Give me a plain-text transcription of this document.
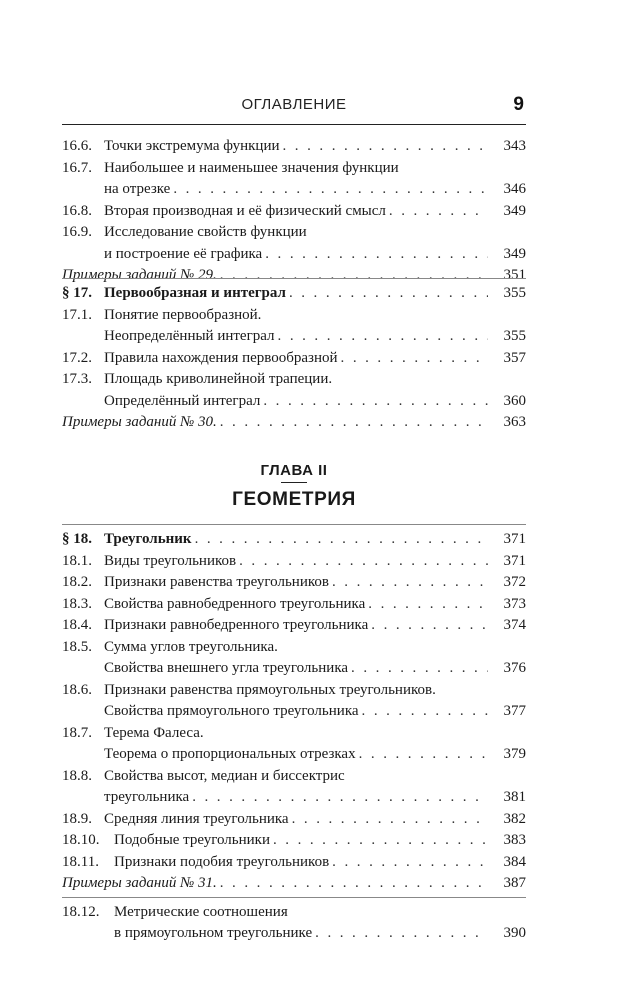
ОГЛАВЛЕНИЕ	9
16.6. Точки экстремума функции . . .	343
16.7. Наибольшее и наименьшее значения функции
на отрезке . . .	346
16.8. Вторая производная и её физический смысл . . .	349
16.9. Исследование свойств функции
и построение её графика . . .	349
Примеры заданий № 29. . . .	351
§ 17. Первообразная и интеграл . . .	355
17.1. Понятие первообразной.
Неопределённый интеграл . . .	355
17.2. Правила нахождения первообразной . . .	357
17.3. Площадь криволинейной трапеции.
Определённый интеграл . . .	360
Примеры заданий № 30. . . .	363
ГЛАВА II
ГЕОМЕТРИЯ
§ 18. Треугольник . . .	371
18.1. Виды треугольников . . .	371
18.2. Признаки равенства треугольников . . .	372
18.3. Свойства равнобедренного треугольника . . .	373
18.4. Признаки равнобедренного треугольника . . .	374
18.5. Сумма углов треугольника.
Свойства внешнего угла треугольника . . .	376
18.6. Признаки равенства прямоугольных треугольников.
Свойства прямоугольного треугольника . . .	377
18.7. Терема Фалеса.
Теорема о пропорциональных отрезках . . .	379
18.8. Свойства высот, медиан и биссектрис
треугольника . . .	381
18.9. Средняя линия треугольника . . .	382
18.10. Подобные треугольники . . .	383
18.11. Признаки подобия треугольников . . .	384
Примеры заданий № 31. . . .	387
18.12. Метрические соотношения
в прямоугольном треугольнике . . .	390
